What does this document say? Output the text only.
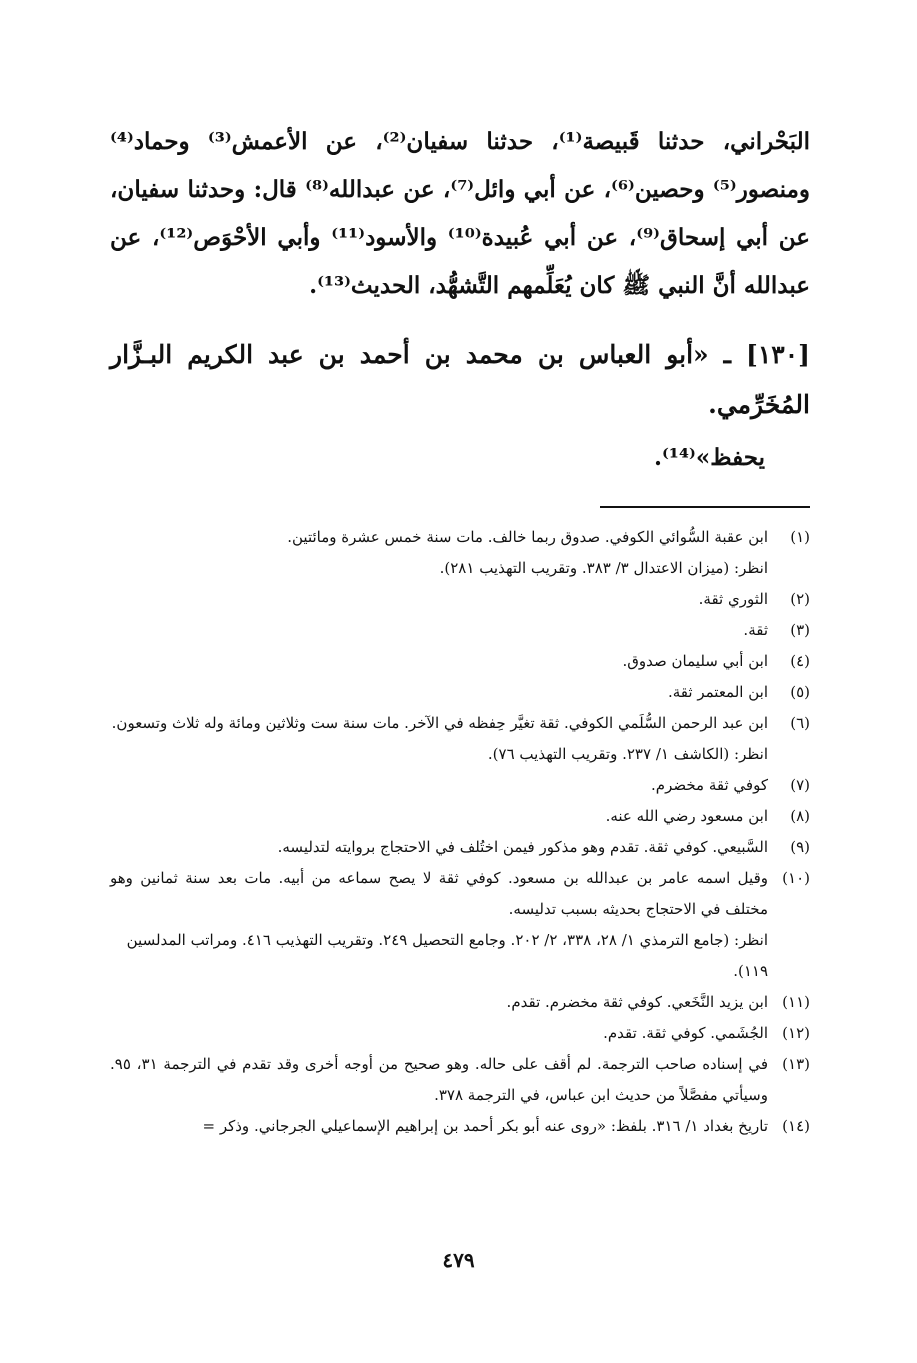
البَحْراني، حدثنا قَبيصة⁽¹⁾، حدثنا سفيان⁽²⁾، عن الأعمش⁽³⁾ وحماد⁽⁴⁾ ومنصور⁽⁵⁾ وحصين⁽⁶⁾، عن أبي وائل⁽⁷⁾، عن عبدالله⁽⁸⁾ قال: وحدثنا سفيان، عن أبي إسحاق⁽⁹⁾، عن أبي عُبيدة⁽¹⁰⁾ والأسود⁽¹¹⁾ وأبي الأحْوَص⁽¹²⁾، عن عبدالله أنَّ النبي ﷺ كان يُعَلِّمهم التَّشهُّد، الحديث⁽¹³⁾.

[١٣٠] ـ «أبو العباس بن محمد بن أحمد بن عبد الكريم البـزَّار المُخَرِّمي.

يحفظ»⁽¹⁴⁾.

(١)
ابن عقبة السُّوائي الكوفي. صدوق ربما خالف. مات سنة خمس عشرة ومائتين.
انظر: (ميزان الاعتدال ٣/ ٣٨٣. وتقريب التهذيب ٢٨١).
(٢)
الثوري ثقة.
(٣)
ثقة.
(٤)
ابن أبي سليمان صدوق.
(٥)
ابن المعتمر ثقة.
(٦)
ابن عبد الرحمن السُّلَمي الكوفي. ثقة تغيَّر حِفظه في الآخر. مات سنة ست وثلاثين ومائة وله ثلاث وتسعون.
انظر: (الكاشف ١/ ٢٣٧. وتقريب التهذيب ٧٦).
(٧)
كوفي ثقة مخضرم.
(٨)
ابن مسعود رضي الله عنه.
(٩)
السَّبيعي. كوفي ثقة. تقدم وهو مذكور فيمن اختُلف في الاحتجاج بروايته لتدليسه.
(١٠)
وقيل اسمه عامر بن عبدالله بن مسعود. كوفي ثقة لا يصح سماعه من أبيه. مات بعد سنة ثمانين وهو مختلف في الاحتجاج بحديثه بسبب تدليسه.
انظر: (جامع الترمذي ١/ ٢٨، ٣٣٨، ٢/ ٢٠٢. وجامع التحصيل ٢٤٩. وتقريب التهذيب ٤١٦. ومراتب المدلسين ١١٩).
(١١)
ابن يزيد النَّخَعي. كوفي ثقة مخضرم. تقدم.
(١٢)
الجُشَمي. كوفي ثقة. تقدم.
(١٣)
في إسناده صاحب الترجمة. لم أقف على حاله. وهو صحيح من أوجه أخرى وقد تقدم في الترجمة ٣١، ٩٥. وسيأتي مفصَّلاً من حديث ابن عباس، في الترجمة ٣٧٨.
(١٤)
تاريخ بغداد ١/ ٣١٦. بلفظ: «روى عنه أبو بكر أحمد بن إبراهيم الإسماعيلي الجرجاني. وذكر =
٤٧٩
